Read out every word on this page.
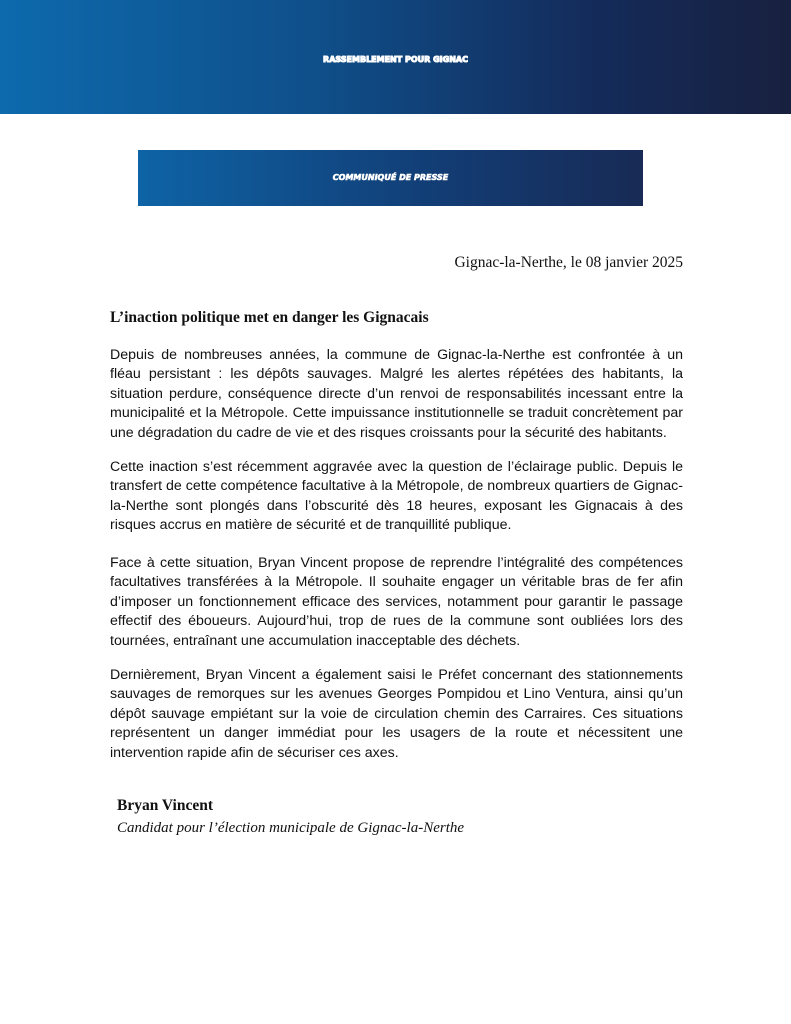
RASSEMBLEMENT POUR GIGNAC
COMMUNIQUÉ DE PRESSE
Gignac-la-Nerthe, le 08 janvier 2025
L’inaction politique met en danger les Gignacais

Depuis de nombreuses années, la commune de Gignac-la-Nerthe est confrontée à un fléau persistant : les dépôts sauvages. Malgré les alertes répétées des habitants, la situation perdure, conséquence directe d’un renvoi de responsabilités incessant entre la municipalité et la Métropole. Cette impuissance institutionnelle se traduit concrètement par une dégradation du cadre de vie et des risques croissants pour la sécurité des habitants.

Cette inaction s’est récemment aggravée avec la question de l’éclairage public. Depuis le transfert de cette compétence facultative à la Métropole, de nombreux quartiers de Gignac-la-Nerthe sont plongés dans l’obscurité dès 18 heures, exposant les Gignacais à des risques accrus en matière de sécurité et de tranquillité publique.

Face à cette situation, Bryan Vincent propose de reprendre l’intégralité des compétences facultatives transférées à la Métropole. Il souhaite engager un véritable bras de fer afin d’imposer un fonctionnement efficace des services, notamment pour garantir le passage effectif des éboueurs. Aujourd’hui, trop de rues de la commune sont oubliées lors des tournées, entraînant une accumulation inacceptable des déchets.

Dernièrement, Bryan Vincent a également saisi le Préfet concernant des stationnements sauvages de remorques sur les avenues Georges Pompidou et Lino Ventura, ainsi qu’un dépôt sauvage empiétant sur la voie de circulation chemin des Carraires. Ces situations représentent un danger immédiat pour les usagers de la route et nécessitent une intervention rapide afin de sécuriser ces axes.

Bryan Vincent
Candidat pour l’élection municipale de Gignac-la-Nerthe
